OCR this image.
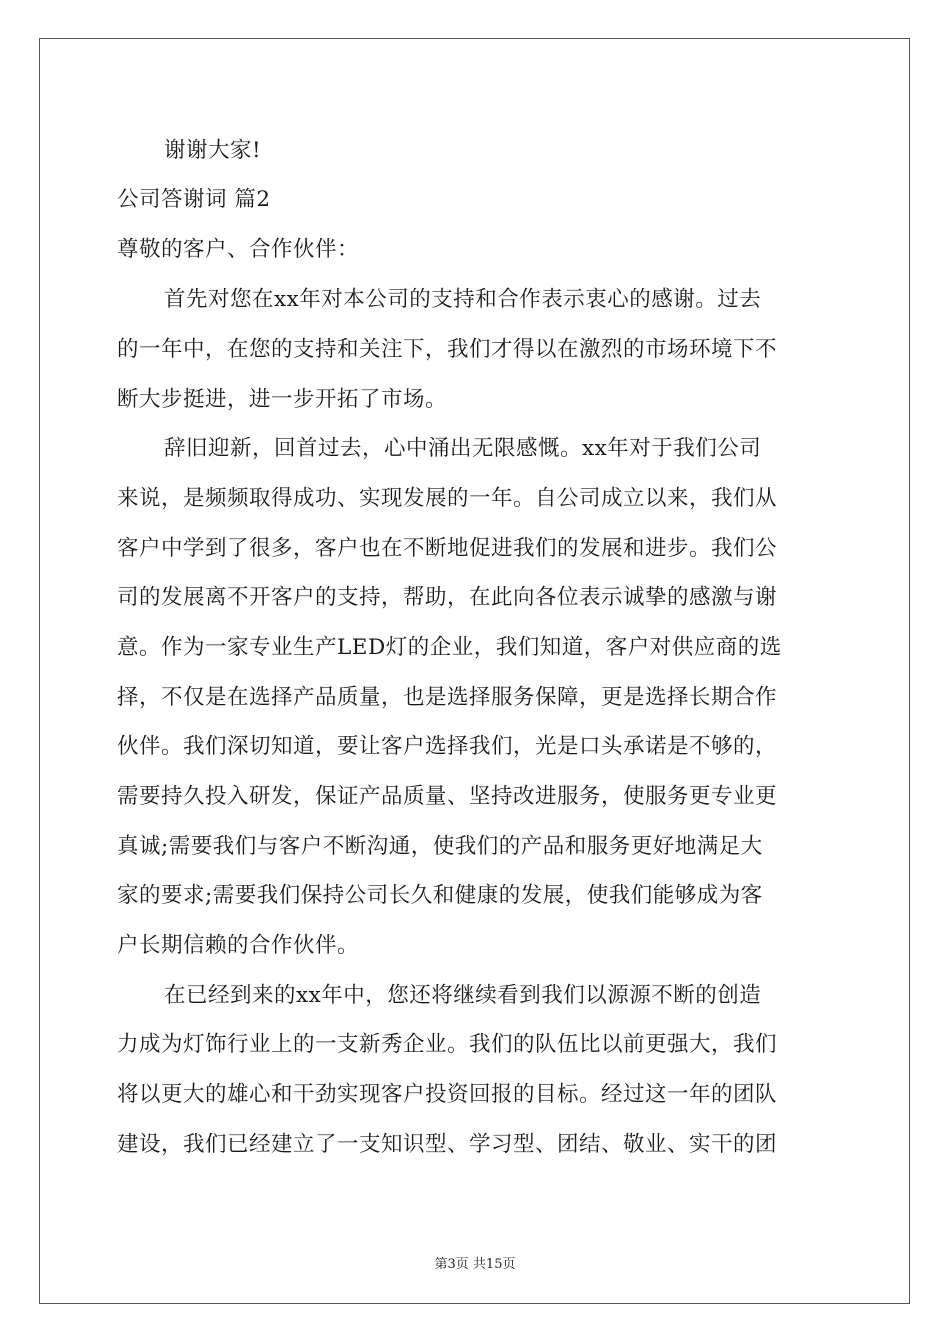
谢谢大家!
公司答谢词 篇2
尊敬的客户、合作伙伴：
首先对您在xx年对本公司的支持和合作表示衷心的感谢。过去
的一年中，在您的支持和关注下，我们才得以在激烈的市场环境下不
断大步挺进，进一步开拓了市场。
辞旧迎新，回首过去，心中涌出无限感慨。xx年对于我们公司
来说，是频频取得成功、实现发展的一年。自公司成立以来，我们从
客户中学到了很多，客户也在不断地促进我们的发展和进步。我们公
司的发展离不开客户的支持，帮助，在此向各位表示诚挚的感激与谢
意。作为一家专业生产LED灯的企业，我们知道，客户对供应商的选
择，不仅是在选择产品质量，也是选择服务保障，更是选择长期合作
伙伴。我们深切知道，要让客户选择我们，光是口头承诺是不够的，
需要持久投入研发，保证产品质量、坚持改进服务，使服务更专业更
真诚;需要我们与客户不断沟通，使我们的产品和服务更好地满足大
家的要求;需要我们保持公司长久和健康的发展，使我们能够成为客
户长期信赖的合作伙伴。
在已经到来的xx年中，您还将继续看到我们以源源不断的创造
力成为灯饰行业上的一支新秀企业。我们的队伍比以前更强大，我们
将以更大的雄心和干劲实现客户投资回报的目标。经过这一年的团队
建设，我们已经建立了一支知识型、学习型、团结、敬业、实干的团
第3页 共15页
